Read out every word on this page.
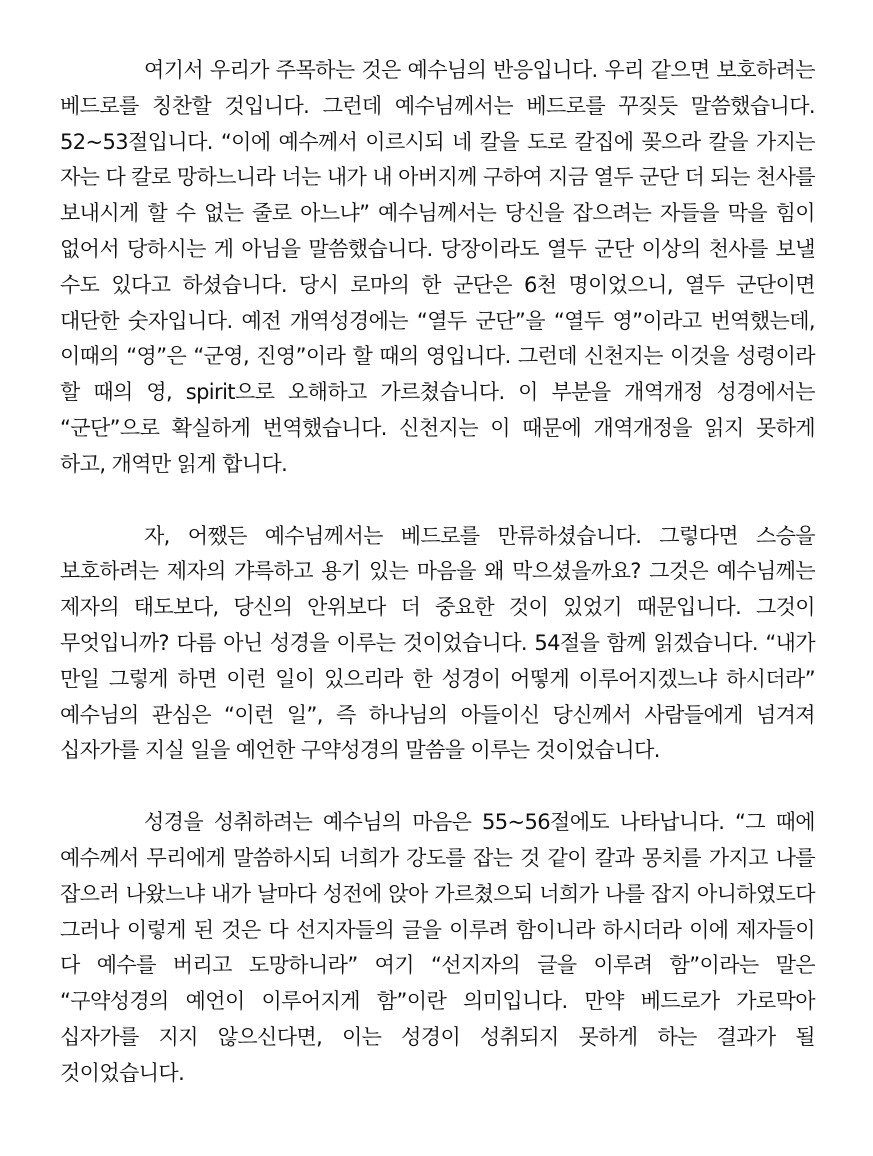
여기서 우리가 주목하는 것은 예수님의 반응입니다. 우리 같으면 보호하려는 베드로를 칭찬할 것입니다. 그런데 예수님께서는 베드로를 꾸짖듯 말씀했습니다. 52~53절입니다. “이에 예수께서 이르시되 네 칼을 도로 칼집에 꽂으라 칼을 가지는 자는 다 칼로 망하느니라 너는 내가 내 아버지께 구하여 지금 열두 군단 더 되는 천사를 보내시게 할 수 없는 줄로 아느냐” 예수님께서는 당신을 잡으려는 자들을 막을 힘이 없어서 당하시는 게 아님을 말씀했습니다. 당장이라도 열두 군단 이상의 천사를 보낼 수도 있다고 하셨습니다. 당시 로마의 한 군단은 6천 명이었으니, 열두 군단이면 대단한 숫자입니다. 예전 개역성경에는 “열두 군단”을 “열두 영”이라고 번역했는데, 이때의 “영”은 “군영, 진영”이라 할 때의 영입니다. 그런데 신천지는 이것을 성령이라 할 때의 영, spirit으로 오해하고 가르쳤습니다. 이 부분을 개역개정 성경에서는 “군단”으로 확실하게 번역했습니다. 신천지는 이 때문에 개역개정을 읽지 못하게 하고, 개역만 읽게 합니다.

자, 어쨌든 예수님께서는 베드로를 만류하셨습니다. 그렇다면 스승을 보호하려는 제자의 갸륵하고 용기 있는 마음을 왜 막으셨을까요? 그것은 예수님께는 제자의 태도보다, 당신의 안위보다 더 중요한 것이 있었기 때문입니다. 그것이 무엇입니까? 다름 아닌 성경을 이루는 것이었습니다. 54절을 함께 읽겠습니다. “내가 만일 그렇게 하면 이런 일이 있으리라 한 성경이 어떻게 이루어지겠느냐 하시더라” 예수님의 관심은 “이런 일”, 즉 하나님의 아들이신 당신께서 사람들에게 넘겨져 십자가를 지실 일을 예언한 구약성경의 말씀을 이루는 것이었습니다.

성경을 성취하려는 예수님의 마음은 55~56절에도 나타납니다. “그 때에 예수께서 무리에게 말씀하시되 너희가 강도를 잡는 것 같이 칼과 몽치를 가지고 나를 잡으러 나왔느냐 내가 날마다 성전에 앉아 가르쳤으되 너희가 나를 잡지 아니하였도다 그러나 이렇게 된 것은 다 선지자들의 글을 이루려 함이니라 하시더라 이에 제자들이 다 예수를 버리고 도망하니라” 여기 “선지자의 글을 이루려 함”이라는 말은 “구약성경의 예언이 이루어지게 함”이란 의미입니다. 만약 베드로가 가로막아 십자가를 지지 않으신다면, 이는 성경이 성취되지 못하게 하는 결과가 될 것이었습니다.
